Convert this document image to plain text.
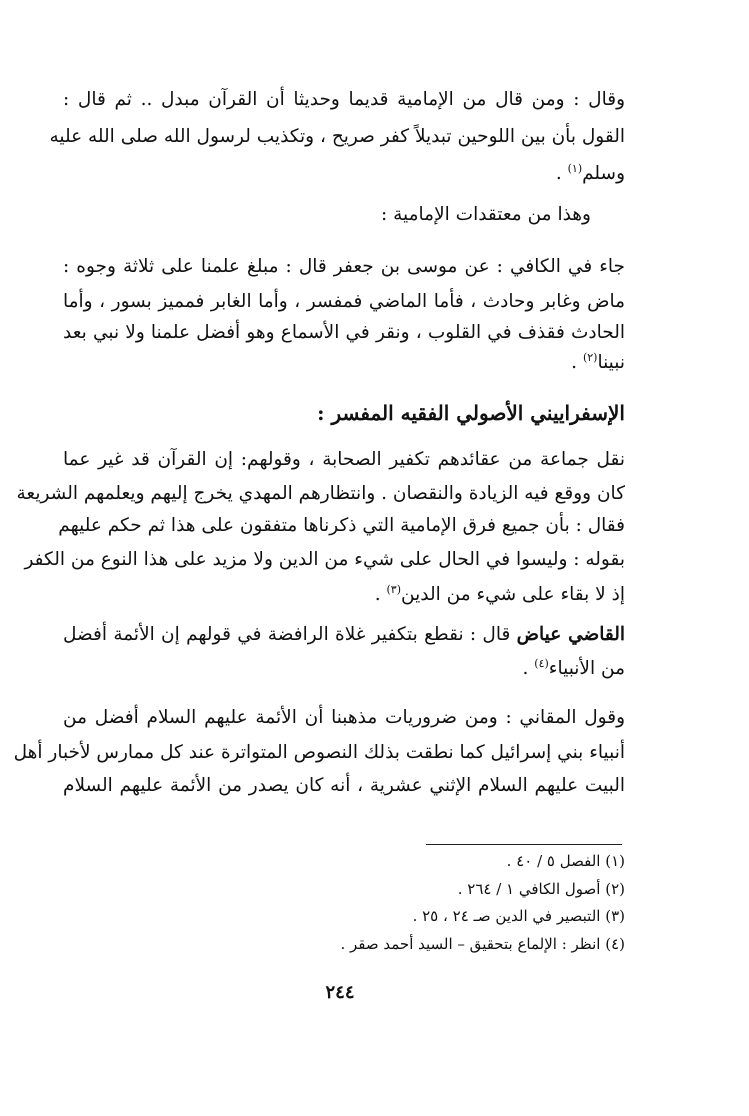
وقال : ومن قال من الإمامية قديما وحديثا أن القرآن مبدل .. ثم قال :

القول بأن بين اللوحين تبديلاً كفر صريح ، وتكذيب لرسول الله صلى الله عليه

وسلم$^{(١)}$ .

وهذا من معتقدات الإمامية :

جاء في الكافي : عن موسى بن جعفر قال : مبلغ علمنا على ثلاثة وجوه :

ماض وغابر وحادث ، فأما الماضي فمفسر ، وأما الغابر فمميز بسور ، وأما

الحادث فقذف في القلوب ، ونقر في الأسماع وهو أفضل علمنا ولا نبي بعد

نبينا$^{(٢)}$ .

الإسفراييني الأصولي الفقيه المفسر :

نقل جماعة من عقائدهم تكفير الصحابة ، وقولهم: إن القرآن قد غير عما

كان ووقع فيه الزيادة والنقصان . وانتظارهم المهدي يخرج إليهم ويعلمهم الشريعة

فقال : بأن جميع فرق الإمامية التي ذكرناها متفقون على هذا ثم حكم عليهم

بقوله : وليسوا في الحال على شيء من الدين ولا مزيد على هذا النوع من الكفر

إذ لا بقاء على شيء من الدين$^{(٣)}$ .

القاضي عياض قال : نقطع بتكفير غلاة الرافضة في قولهم إن الأئمة أفضل

من الأنبياء$^{(٤)}$ .

وقول المقاني : ومن ضروريات مذهبنا أن الأئمة عليهم السلام أفضل من

أنبياء بني إسرائيل كما نطقت بذلك النصوص المتواترة عند كل ممارس لأخبار أهل

البيت عليهم السلام الإثني عشرية ، أنه كان يصدر من الأئمة عليهم السلام

(١) الفصل ٥ / ٤٠ .

(٢) أصول الكافي ١ / ٢٦٤ .

(٣) التبصير في الدين صـ ٢٤ ، ٢٥ .

(٤) انظر : الإلماع بتحقيق – السيد أحمد صقر .

٢٤٤
